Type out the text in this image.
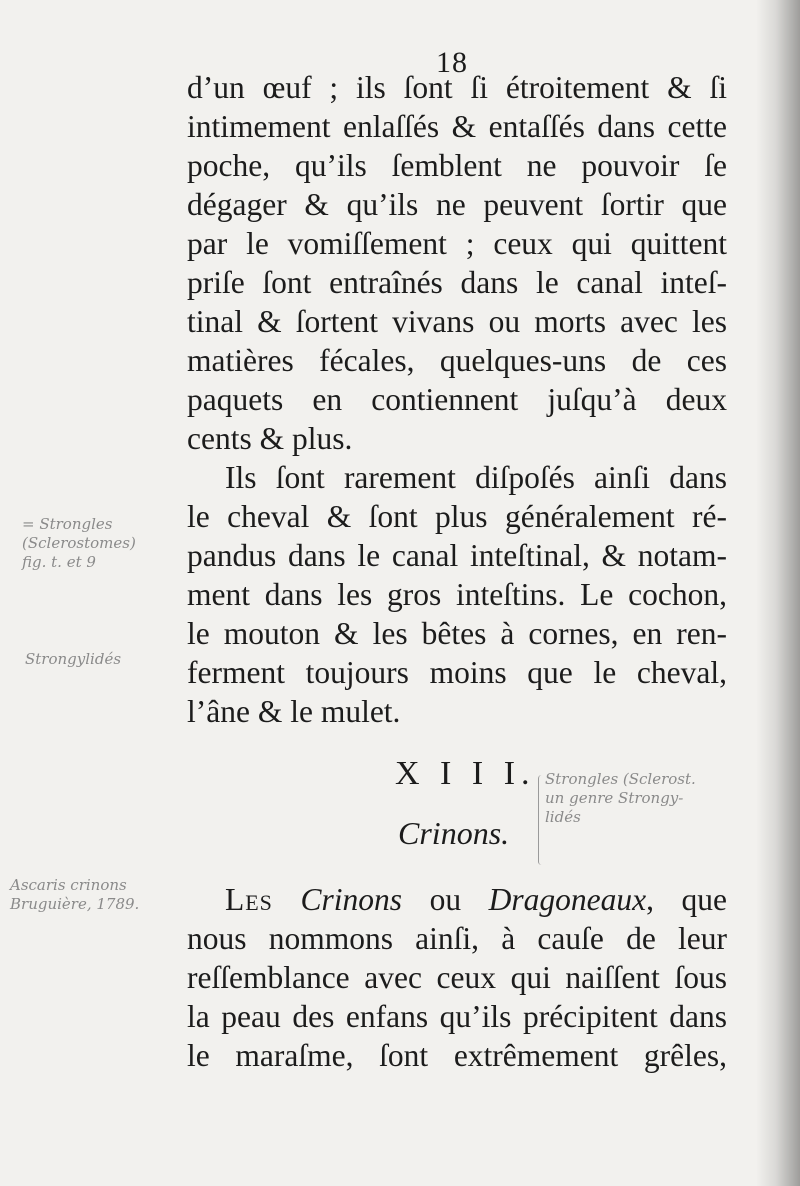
18
d’un œuf ; ils ſont ſi étroitement & ſi
intimement enlaſſés & entaſſés dans cette
poche, qu’ils ſemblent ne pouvoir ſe
dégager & qu’ils ne peuvent ſortir que
par le vomiſſement ; ceux qui quittent
priſe ſont entraînés dans le canal inteſ-
tinal & ſortent vivans ou morts avec les
matières fécales, quelques-uns de ces
paquets en contiennent juſqu’à deux
cents & plus.
Ils ſont rarement diſpoſés ainſi dans
le cheval & ſont plus généralement ré-
pandus dans le canal inteſtinal, & notam-
ment dans les gros inteſtins. Le cochon,
le mouton & les bêtes à cornes, en ren-
ferment toujours moins que le cheval,
l’âne & le mulet.
X I I I.
Crinons.
Les Crinons ou Dragoneaux, que
nous nommons ainſi, à cauſe de leur
reſſemblance avec ceux qui naiſſent ſous
la peau des enfans qu’ils précipitent dans
le maraſme, ſont extrêmement grêles,
= Strongles
(Sclerostomes)
fig. t. et 9
Strongylidés
Strongles (Sclerost.
un genre Strongy-
lidés
Ascaris crinons
Bruguière, 1789.
